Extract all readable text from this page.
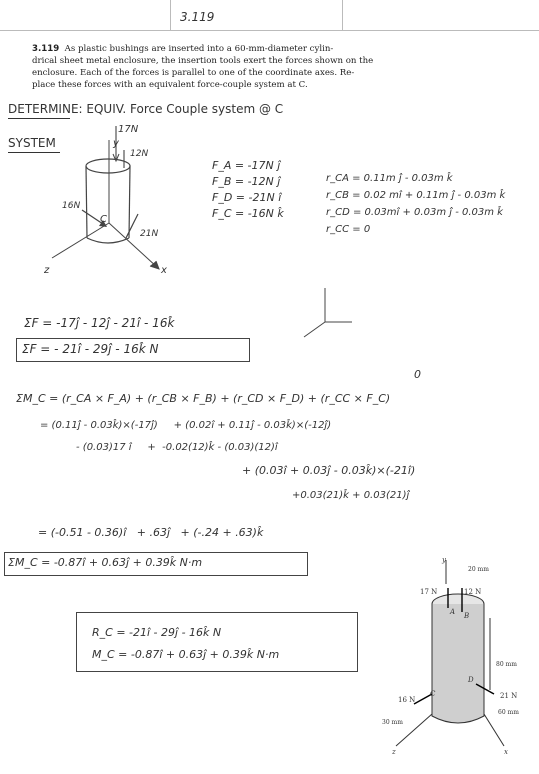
3.119
3.119 As plastic bushings are inserted into a 60-mm-diameter cylin-
drical sheet metal enclosure, the insertion tools exert the forces shown on the
enclosure. Each of the forces is parallel to one of the coordinate axes. Re-
place these forces with an equivalent force-couple system at C.
DETERMINE: EQUIV. Force Couple system @ C
SYSTEM
17N
y
12N
16N
C
21N
x
z
F_A = -17N ĵ
F_B = -12N ĵ
F_D = -21N î
F_C = -16N k̂
r_CA = 0.11m ĵ - 0.03m k̂
r_CB = 0.02 mî + 0.11m ĵ - 0.03m k̂
r_CD = 0.03mî + 0.03m ĵ - 0.03m k̂
r_CC = 0
ΣF = -17ĵ - 12ĵ - 21î - 16k̂
ΣF = - 21î - 29ĵ - 16k̂ N
ΣM_C = (r_CA × F_A) + (r_CB × F_B) + (r_CD × F_D) + (r_CC × F_C)
0
= (0.11ĵ - 0.03k̂)×(-17ĵ)     + (0.02î + 0.11ĵ - 0.03k̂)×(-12ĵ)
- (0.03)17 î     +  -0.02(12)k̂ - (0.03)(12)î
+ (0.03î + 0.03ĵ - 0.03k̂)×(-21î)
+0.03(21)k̂ + 0.03(21)ĵ
= (-0.51 - 0.36)î   + .63ĵ   + (-.24 + .63)k̂
ΣM_C = -0.87î + 0.63ĵ + 0.39k̂ N·m
R_C = -21î - 29ĵ - 16k̂ N
M_C = -0.87î + 0.63ĵ + 0.39k̂ N·m
y
20 mm
17 N	12 N
A B
80 mm
D
21 N
C
16 N
60 mm
30 mm
z	x
